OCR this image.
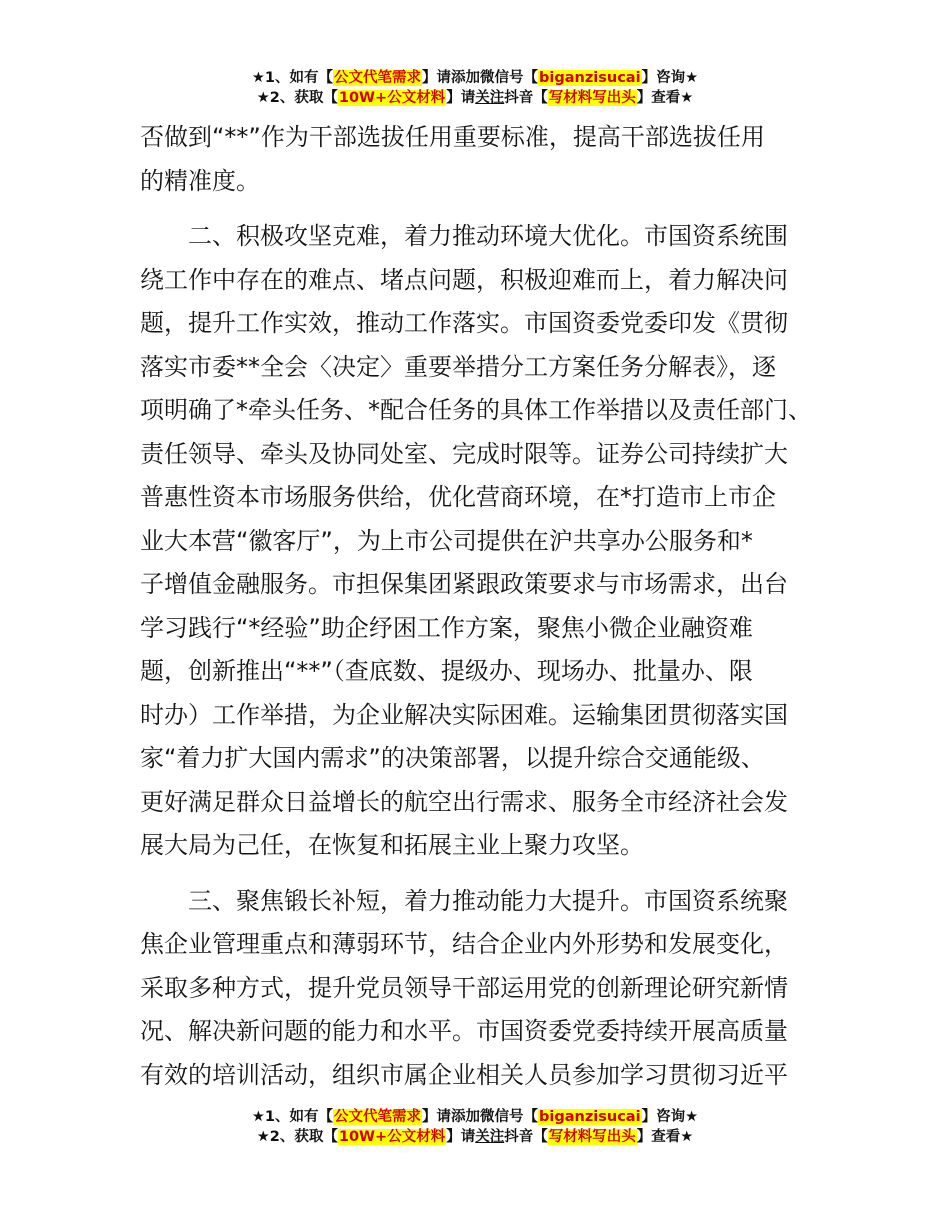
★1、如有【公文代笔需求】请添加微信号【biganzisucai】咨询★
★2、获取【10W+公文材料】请关注抖音【写材料写出头】查看★

否做到“**”作为干部选拔任用重要标准，提高干部选拔任用
的精准度。

二、积极攻坚克难，着力推动环境大优化。市国资系统围
绕工作中存在的难点、堵点问题，积极迎难而上，着力解决问
题，提升工作实效，推动工作落实。市国资委党委印发《贯彻
落实市委**全会〈决定〉重要举措分工方案任务分解表》，逐
项明确了*牵头任务、*配合任务的具体工作举措以及责任部门、
责任领导、牵头及协同处室、完成时限等。证券公司持续扩大
普惠性资本市场服务供给，优化营商环境，在*打造市上市企
业大本营“徽客厅”，为上市公司提供在沪共享办公服务和*
子增值金融服务。市担保集团紧跟政策要求与市场需求，出台
学习践行“*经验”助企纾困工作方案，聚焦小微企业融资难
题，创新推出“**”（查底数、提级办、现场办、批量办、限
时办）工作举措，为企业解决实际困难。运输集团贯彻落实国
家“着力扩大国内需求”的决策部署，以提升综合交通能级、
更好满足群众日益增长的航空出行需求、服务全市经济社会发
展大局为己任，在恢复和拓展主业上聚力攻坚。

三、聚焦锻长补短，着力推动能力大提升。市国资系统聚
焦企业管理重点和薄弱环节，结合企业内外形势和发展变化，
采取多种方式，提升党员领导干部运用党的创新理论研究新情
况、解决新问题的能力和水平。市国资委党委持续开展高质量
有效的培训活动，组织市属企业相关人员参加学习贯彻习近平

★1、如有【公文代笔需求】请添加微信号【biganzisucai】咨询★
★2、获取【10W+公文材料】请关注抖音【写材料写出头】查看★
